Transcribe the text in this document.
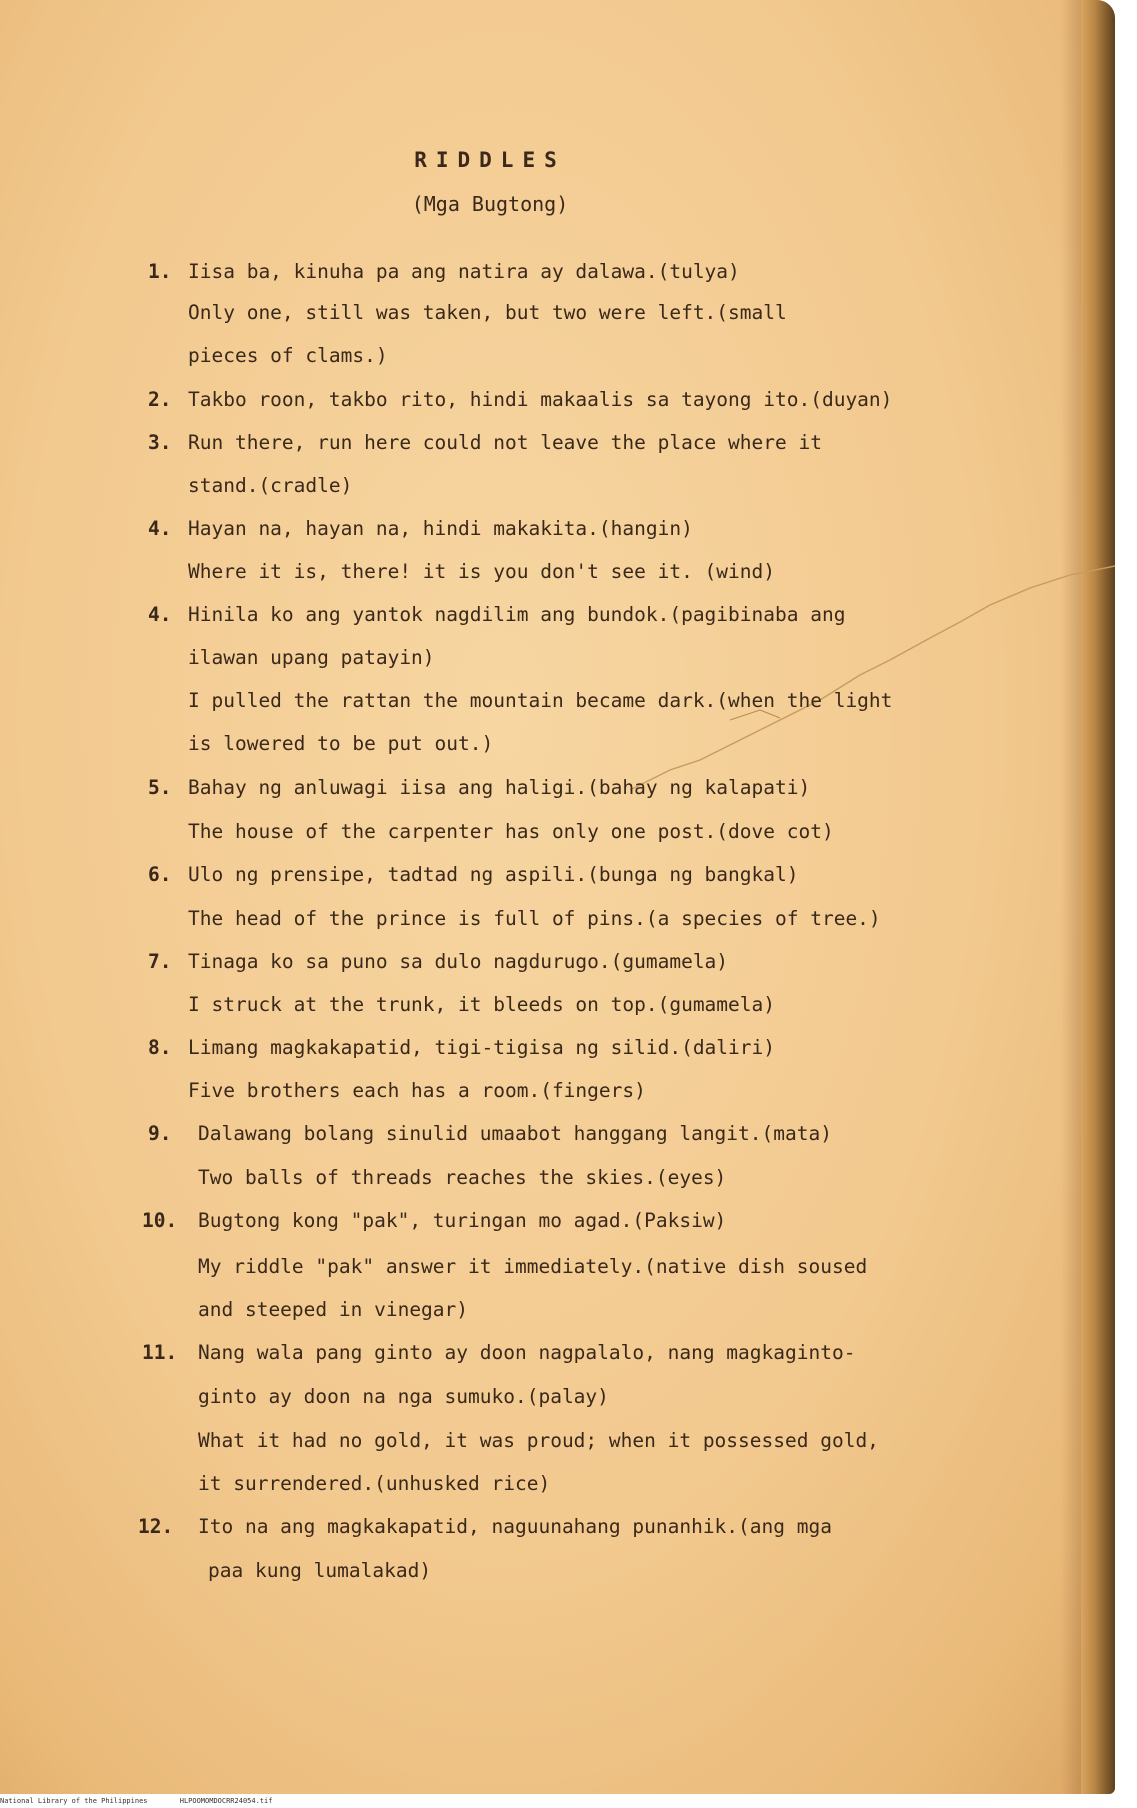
RIDDLES
(Mga Bugtong)
1. Iisa ba, kinuha pa ang natira ay dalawa.(tulya)
Only one, still was taken, but two were left.(small
pieces of clams.)
2. Takbo roon, takbo rito, hindi makaalis sa tayong ito.(duyan)
3. Run there, run here could not leave the place where it
stand.(cradle)
4. Hayan na, hayan na, hindi makakita.(hangin)
Where it is, there! it is you don't see it. (wind)
4. Hinila ko ang yantok nagdilim ang bundok.(pagibinaba ang
ilawan upang patayin)
I pulled the rattan the mountain became dark.(when the light
is lowered to be put out.)
5. Bahay ng anluwagi iisa ang haligi.(bahay ng kalapati)
The house of the carpenter has only one post.(dove cot)
6. Ulo ng prensipe, tadtad ng aspili.(bunga ng bangkal)
The head of the prince is full of pins.(a species of tree.)
7. Tinaga ko sa puno sa dulo nagdurugo.(gumamela)
I struck at the trunk, it bleeds on top.(gumamela)
8. Limang magkakapatid, tigi-tigisa ng silid.(daliri)
Five brothers each has a room.(fingers)
9. Dalawang bolang sinulid umaabot hanggang langit.(mata)
Two balls of threads reaches the skies.(eyes)
10. Bugtong kong "pak", turingan mo agad.(Paksiw)
My riddle "pak" answer it immediately.(native dish soused
and steeped in vinegar)
11. Nang wala pang ginto ay doon nagpalalo, nang magkaginto-
ginto ay doon na nga sumuko.(palay)
What it had no gold, it was proud; when it possessed gold,
it surrendered.(unhusked rice)
12. Ito na ang magkakapatid, naguunahang punanhik.(ang mga
paa kung lumalakad)
National Library of the Philippines	HLPOOMOMDOCRR24054.tif
